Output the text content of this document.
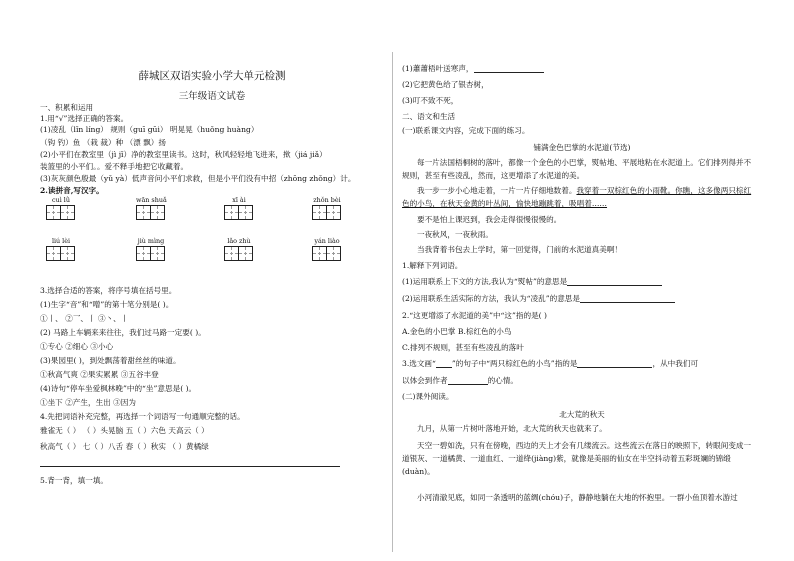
薛城区双语实验小学大单元检测
三年级语文试卷
一、积累和运用
1.用“√”选择正确的答案。
(1)凌乱（lǐn líng） 规则（guī gūi） 明晃晃（huǒng huàng）
（钩 钓）鱼 （栽 裁）种 （漂 飘）扬
(2)小平们在教室里（jì jǐ）净的教室里读书。这时，秋风轻轻地飞进来，揿（jiá jiǎ）
装篮里的小平们。。爱不释手地把它收藏着。
(3)灰灰颜色殷最（yǔ yà）低声音问小平们求救，但是小平们没有中招（zhōng zhǒng）计。
2.读拼音,写汉字。
cuì lǜ	wān shuǎ	xī ài	zhǒn bèi
liú lèi	jiù mìng	lǎo zhù	yán liào
3.选择合适的答案，将序号填在括号里。
(1)生字“音”和“噌”的第十笔分别是( )。
①丨、 ②乛、丨 ③丶、丨
(2) 马路上车辆来来往往，我们过马路一定要( )。
①专心 ②细心 ③小心
(3)果园里( )，到处飘荡着甜丝丝的味道。
①秋高气爽 ②果实累累 ③五谷丰登
(4)诗句“停车坐爱枫林晚”中的“坐”意思是( )。
①坐下 ②产生，生出 ③因为
4.先把词语补充完整，再选择一个词语写一句通顺完整的话。
雅雀无（ ） （ ）头晃脑 五（ ）六色 天高云（ ）
秋高气（ ） 七（ ）八舌 春（ ）秋实 （ ）黄橘绿
5.背一背，填一填。
(1)蕭蕭梧叶送寒声，
(2)它把黄色给了银杏树，
(3)叮不致不死，
二、语文和生活
(一)联系课文内容，完成下面的练习。
铺满金色巴掌的水泥道(节选)
每一片法国梧桐树的落叶，都像一个金色的小巴掌，熨帖地、平展地粘在水泥道上。它们排列得并不规则，甚至有些凌乱，然而，这更增添了水泥道的美。
我一步一步小心地走着，一片一片仔细地数着。我穿着一双棕红色的小雨靴。你瞧，这多像两只棕红色的小鸟，在秋天金黄的叶丛间，愉快地蹦跳着，吸唱着……
要不是怕上课迟到，我会走得很慢很慢的。
一夜秋风，一夜秋雨。
当我背着书包去上学时，第一回觉得，门前的水泥道真美啊！
1.解释下列词语。
(1)运用联系上下文的方法,我认为“熨帖”的意思是
(2)运用联系生活实际的方法，我认为“凌乱”的意思是
2.“这更增添了水泥道的美”中“这”指的是( )
A.金色的小巴掌 B.棕红色的小鸟
C.排列不规则，甚至有些凌乱的落叶
3.选文画“ ”的句子中“两只棕红色的小鸟”指的是	，从中我们可
以体会到作者	的心情。
(二)课外阅读。
北大荒的秋天
九月，从第一片树叶落地开始，北大荒的秋天也就来了。
天空一碧如洗，只有在傍晚，西边的天上才会有几缕流云。这些流云在落日的映照下，转眼间变成一道银灰、一道橘黄、一道血红、一道绛(jiàng)紫，就像是美丽的仙女在半空抖动着五彩斑斓的锦缎(duàn)。
小河清澈见底，如同一条透明的蓝绸(chóu)子，静静地躺在大地的怀抱里。一群小鱼顶着水游过
